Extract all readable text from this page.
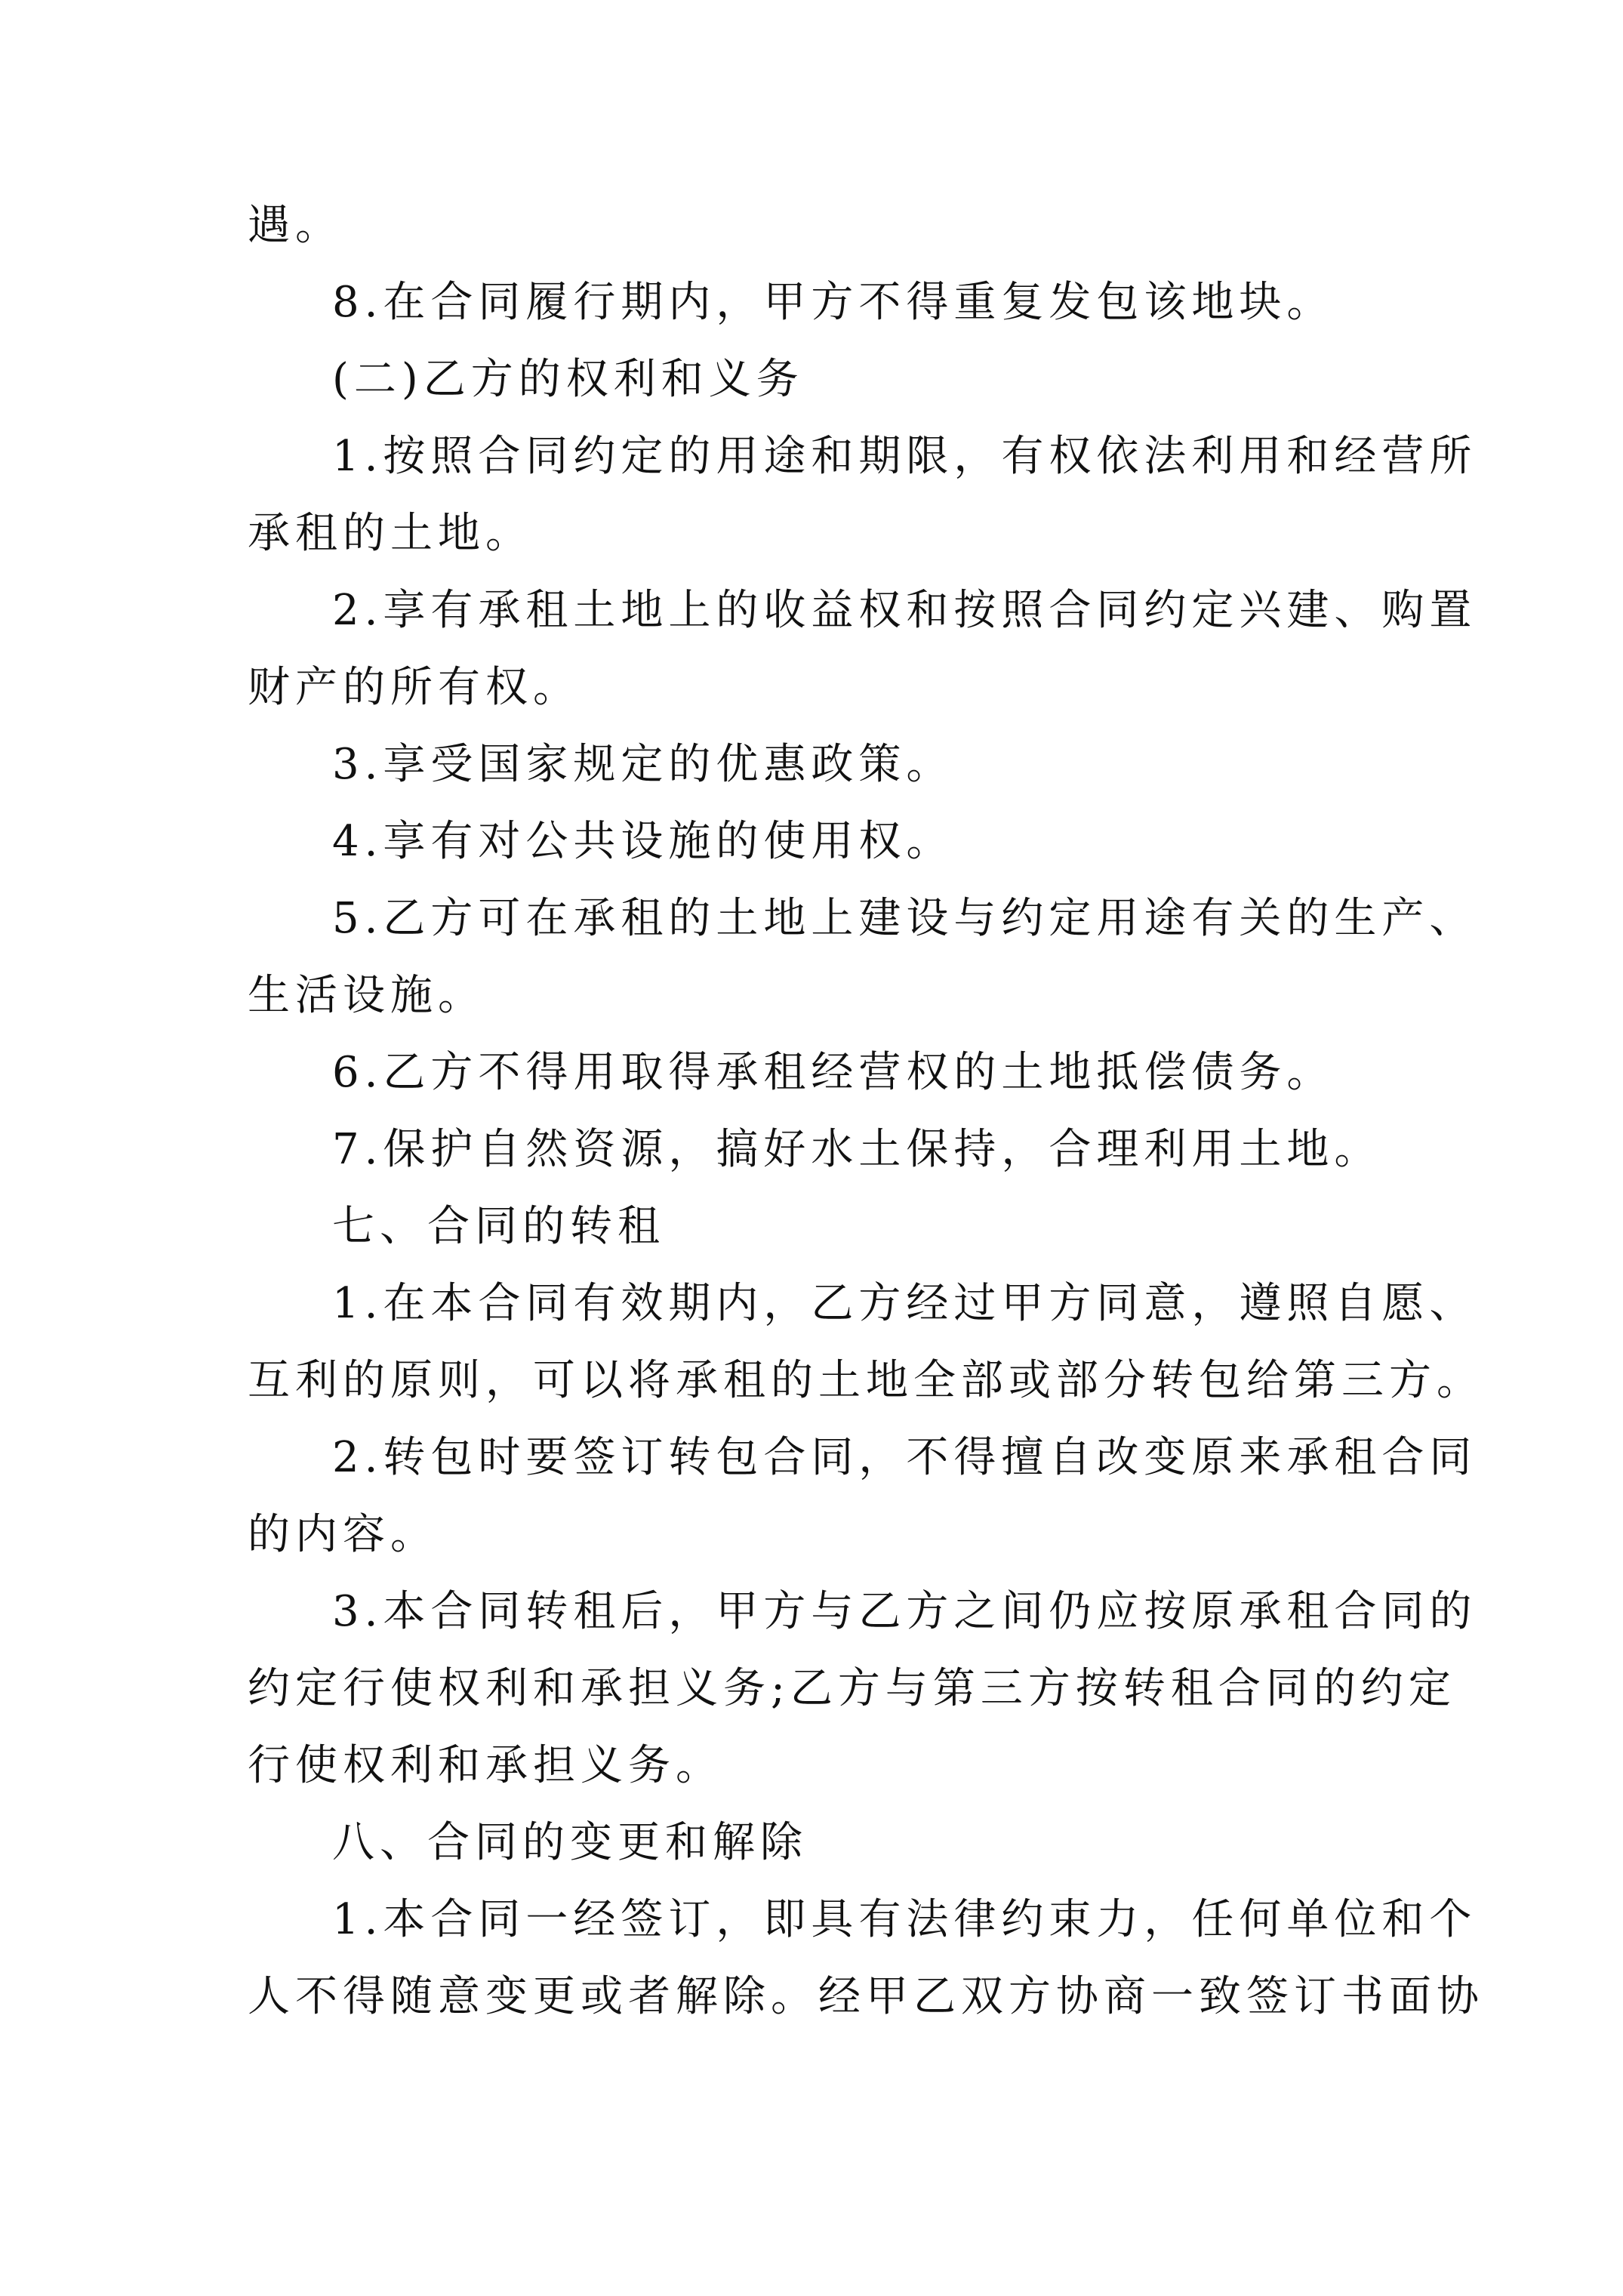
遇。

8.在合同履行期内，甲方不得重复发包该地块。

(二)乙方的权利和义务

1.按照合同约定的用途和期限，有权依法利用和经营所

承租的土地。

2.享有承租土地上的收益权和按照合同约定兴建、购置

财产的所有权。

3.享受国家规定的优惠政策。

4.享有对公共设施的使用权。

5.乙方可在承租的土地上建设与约定用途有关的生产、

生活设施。

6.乙方不得用取得承租经营权的土地抵偿债务。

7.保护自然资源，搞好水土保持，合理利用土地。

七、合同的转租

1.在本合同有效期内，乙方经过甲方同意，遵照自愿、

互利的原则，可以将承租的土地全部或部分转包给第三方。

2.转包时要签订转包合同，不得擅自改变原来承租合同

的内容。

3.本合同转租后，甲方与乙方之间仍应按原承租合同的

约定行使权利和承担义务;乙方与第三方按转租合同的约定

行使权利和承担义务。

八、合同的变更和解除

1.本合同一经签订，即具有法律约束力，任何单位和个

人不得随意变更或者解除。经甲乙双方协商一致签订书面协
